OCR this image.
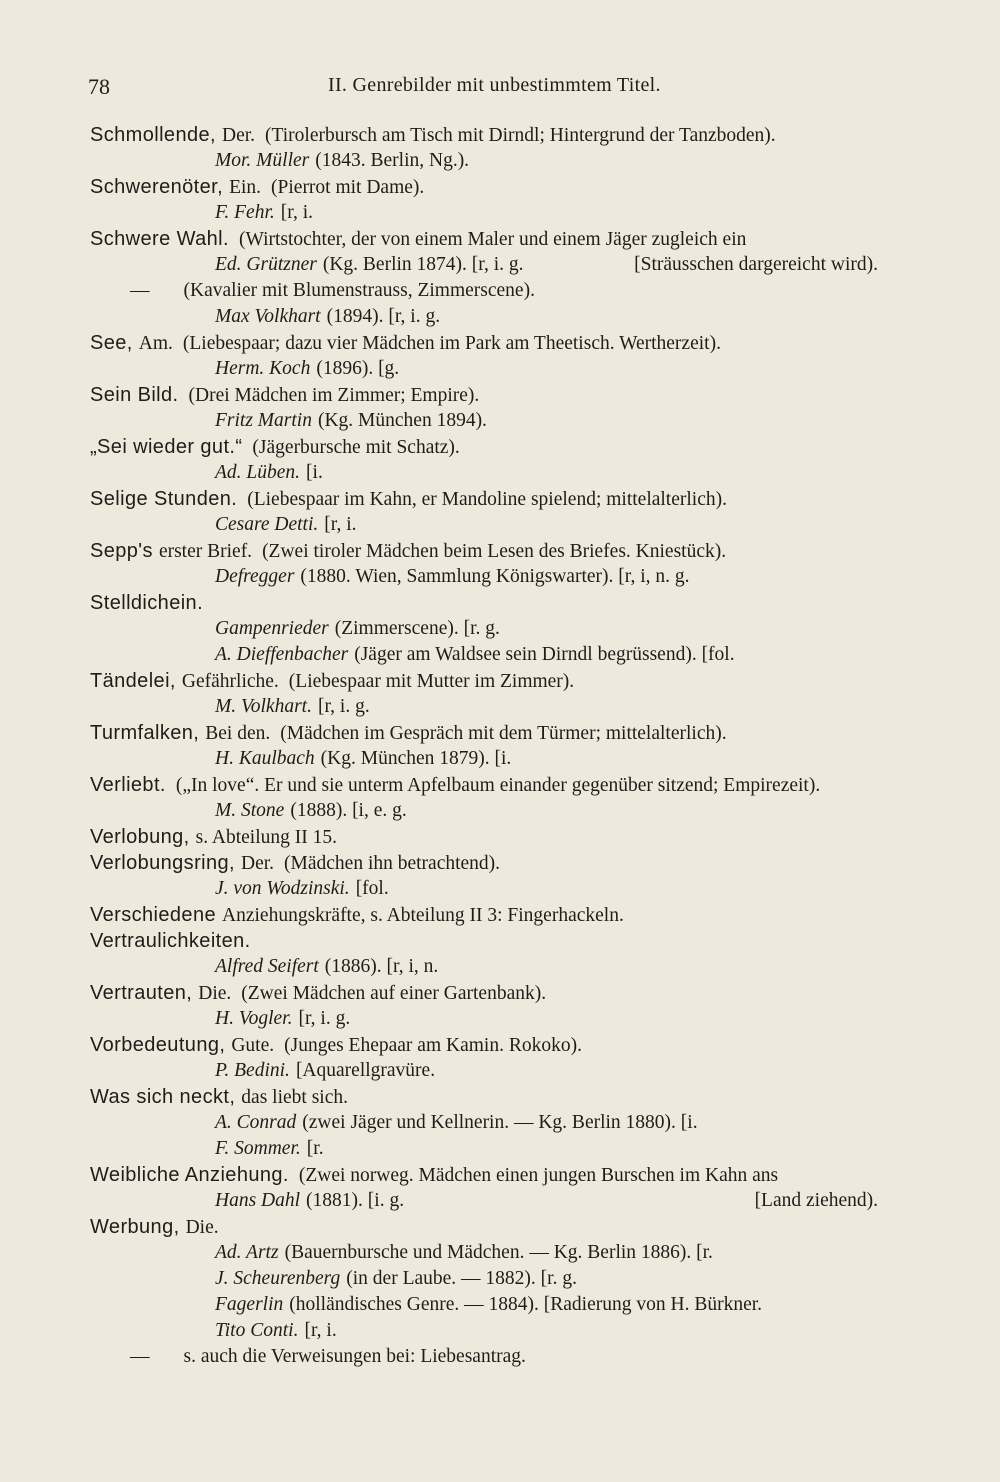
78	II. Genrebilder mit unbestimmtem Titel.
Schmollende, Der. (Tirolerbursch am Tisch mit Dirndl; Hintergrund der Tanzboden).
Mor. Müller (1843. Berlin, Ng.).
Schwerenöter, Ein. (Pierrot mit Dame).
F. Fehr. [r, i.
Schwere Wahl. (Wirtstochter, der von einem Maler und einem Jäger zugleich ein
Ed. Grützner (Kg. Berlin 1874). [r, i. g.	[Sträusschen dargereicht wird).
— (Kavalier mit Blumenstrauss, Zimmerscene).
Max Volkhart (1894). [r, i. g.
See, Am. (Liebespaar; dazu vier Mädchen im Park am Theetisch. Wertherzeit).
Herm. Koch (1896). [g.
Sein Bild. (Drei Mädchen im Zimmer; Empire).
Fritz Martin (Kg. München 1894).
„Sei wieder gut.“ (Jägerbursche mit Schatz).
Ad. Lüben. [i.
Selige Stunden. (Liebespaar im Kahn, er Mandoline spielend; mittelalterlich).
Cesare Detti. [r, i.
Sepp's erster Brief. (Zwei tiroler Mädchen beim Lesen des Briefes. Kniestück).
Defregger (1880. Wien, Sammlung Königswarter). [r, i, n. g.
Stelldichein.
Gampenrieder (Zimmerscene). [r. g.
A. Dieffenbacher (Jäger am Waldsee sein Dirndl begrüssend). [fol.
Tändelei, Gefährliche. (Liebespaar mit Mutter im Zimmer).
M. Volkhart. [r, i. g.
Turmfalken, Bei den. (Mädchen im Gespräch mit dem Türmer; mittelalterlich).
H. Kaulbach (Kg. München 1879). [i.
Verliebt. („In love“. Er und sie unterm Apfelbaum einander gegenüber sitzend; Empirezeit).
M. Stone (1888). [i, e. g.
Verlobung, s. Abteilung II 15.
Verlobungsring, Der. (Mädchen ihn betrachtend).
J. von Wodzinski. [fol.
Verschiedene Anziehungskräfte, s. Abteilung II 3: Fingerhackeln.
Vertraulichkeiten.
Alfred Seifert (1886). [r, i, n.
Vertrauten, Die. (Zwei Mädchen auf einer Gartenbank).
H. Vogler. [r, i. g.
Vorbedeutung, Gute. (Junges Ehepaar am Kamin. Rokoko).
P. Bedini. [Aquarellgravüre.
Was sich neckt, das liebt sich.
A. Conrad (zwei Jäger und Kellnerin. — Kg. Berlin 1880). [i.
F. Sommer. [r.
Weibliche Anziehung. (Zwei norweg. Mädchen einen jungen Burschen im Kahn ans
Hans Dahl (1881). [i. g.	[Land ziehend).
Werbung, Die.
Ad. Artz (Bauernbursche und Mädchen. — Kg. Berlin 1886). [r.
J. Scheurenberg (in der Laube. — 1882). [r. g.
Fagerlin (holländisches Genre. — 1884). [Radierung von H. Bürkner.
Tito Conti. [r, i.
— s. auch die Verweisungen bei: Liebesantrag.
